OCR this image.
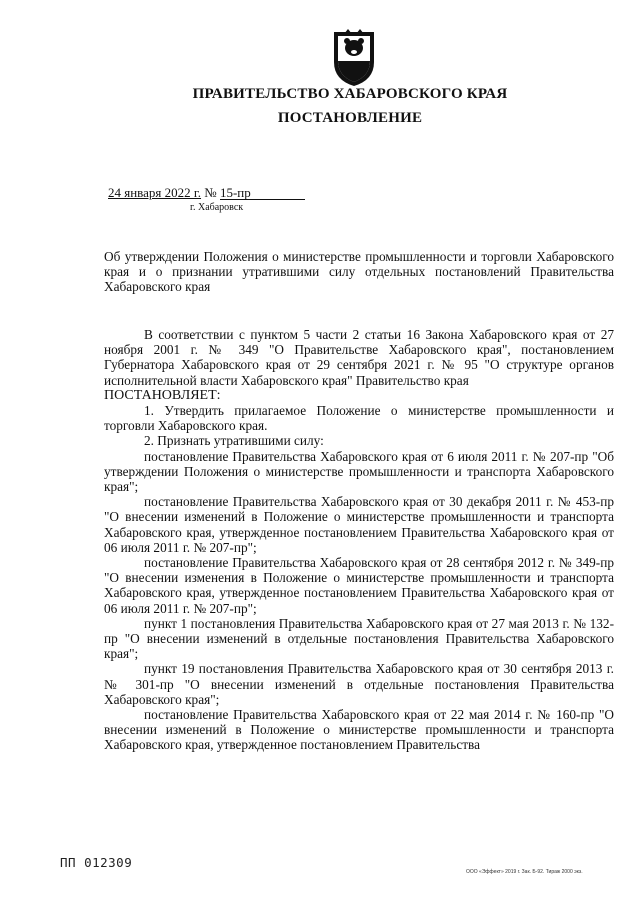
ПРАВИТЕЛЬСТВО ХАБАРОВСКОГО КРАЯ
ПОСТАНОВЛЕНИЕ
24 января 2022 г. № 15-пр
г. Хабаровск
Об утверждении Положения о министерстве промышленности и торговли Хабаровского края и о признании утратившими силу отдельных постановлений Правительства Хабаровского края

В соответствии с пунктом 5 части 2 статьи 16 Закона Хабаровского края от 27 ноября 2001 г. № 349 "О Правительстве Хабаровского края", постановлением Губернатора Хабаровского края от 29 сентября 2021 г. № 95 "О структуре органов исполнительной власти Хабаровского края" Правительство края

ПОСТАНОВЛЯЕТ:

1. Утвердить прилагаемое Положение о министерстве промышленности и торговли Хабаровского края.

2. Признать утратившими силу:

постановление Правительства Хабаровского края от 6 июля 2011 г. № 207-пр "Об утверждении Положения о министерстве промышленности и транспорта Хабаровского края";

постановление Правительства Хабаровского края от 30 декабря 2011 г. № 453-пр "О внесении изменений в Положение о министерстве промышленности и транспорта Хабаровского края, утвержденное постановлением Правительства Хабаровского края от 06 июля 2011 г. № 207-пр";

постановление Правительства Хабаровского края от 28 сентября 2012 г. № 349-пр "О внесении изменения в Положение о министерстве промышленности и транспорта Хабаровского края, утвержденное постановлением Правительства Хабаровского края от 06 июля 2011 г. № 207-пр";

пункт 1 постановления Правительства Хабаровского края от 27 мая 2013 г. № 132-пр "О внесении изменений в отдельные постановления Правительства Хабаровского края";

пункт 19 постановления Правительства Хабаровского края от 30 сентября 2013 г. № 301-пр "О внесении изменений в отдельные постановления Правительства Хабаровского края";

постановление Правительства Хабаровского края от 22 мая 2014 г. № 160-пр "О внесении изменений в Положение о министерстве промышленности и транспорта Хабаровского края, утвержденное постановлением Правительства

ПП 012309
ООО «Эффект» 2019 г. Зак. Б-92. Тираж 2000 экз.
